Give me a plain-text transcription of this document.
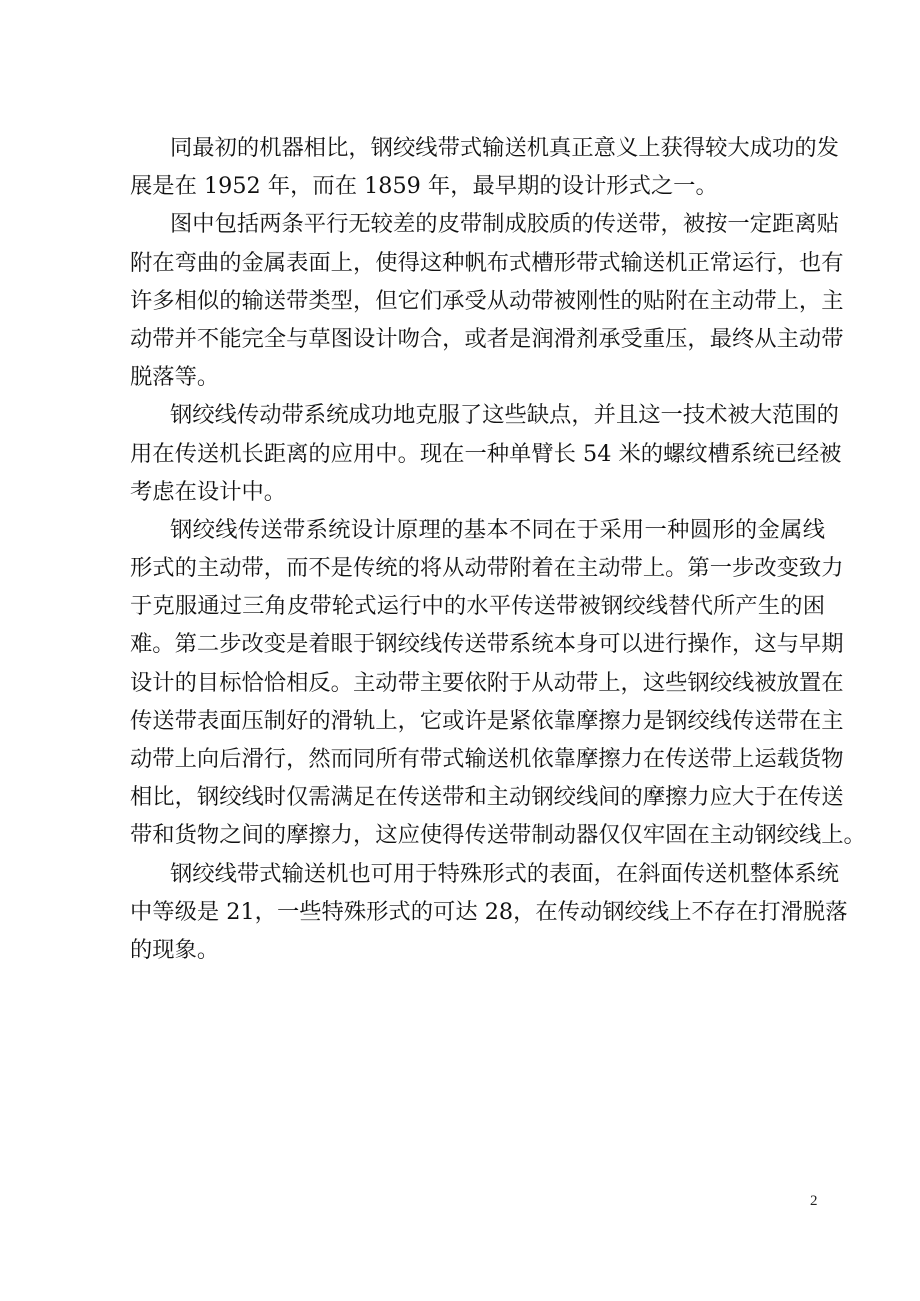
同最初的机器相比，钢绞线带式输送机真正意义上获得较大成功的发
展是在 1952 年，而在 1859 年，最早期的设计形式之一。
图中包括两条平行无较差的皮带制成胶质的传送带，被按一定距离贴
附在弯曲的金属表面上，使得这种帆布式槽形带式输送机正常运行，也有
许多相似的输送带类型，但它们承受从动带被刚性的贴附在主动带上，主
动带并不能完全与草图设计吻合，或者是润滑剂承受重压，最终从主动带
脱落等。
钢绞线传动带系统成功地克服了这些缺点，并且这一技术被大范围的
用在传送机长距离的应用中。现在一种单臂长 54 米的螺纹槽系统已经被
考虑在设计中。
钢绞线传送带系统设计原理的基本不同在于采用一种圆形的金属线
形式的主动带，而不是传统的将从动带附着在主动带上。第一步改变致力
于克服通过三角皮带轮式运行中的水平传送带被钢绞线替代所产生的困
难。第二步改变是着眼于钢绞线传送带系统本身可以进行操作，这与早期
设计的目标恰恰相反。主动带主要依附于从动带上，这些钢绞线被放置在
传送带表面压制好的滑轨上，它或许是紧依靠摩擦力是钢绞线传送带在主
动带上向后滑行，然而同所有带式输送机依靠摩擦力在传送带上运载货物
相比，钢绞线时仅需满足在传送带和主动钢绞线间的摩擦力应大于在传送
带和货物之间的摩擦力，这应使得传送带制动器仅仅牢固在主动钢绞线上。
钢绞线带式输送机也可用于特殊形式的表面，在斜面传送机整体系统
中等级是 21，一些特殊形式的可达 28，在传动钢绞线上不存在打滑脱落
的现象。
2
